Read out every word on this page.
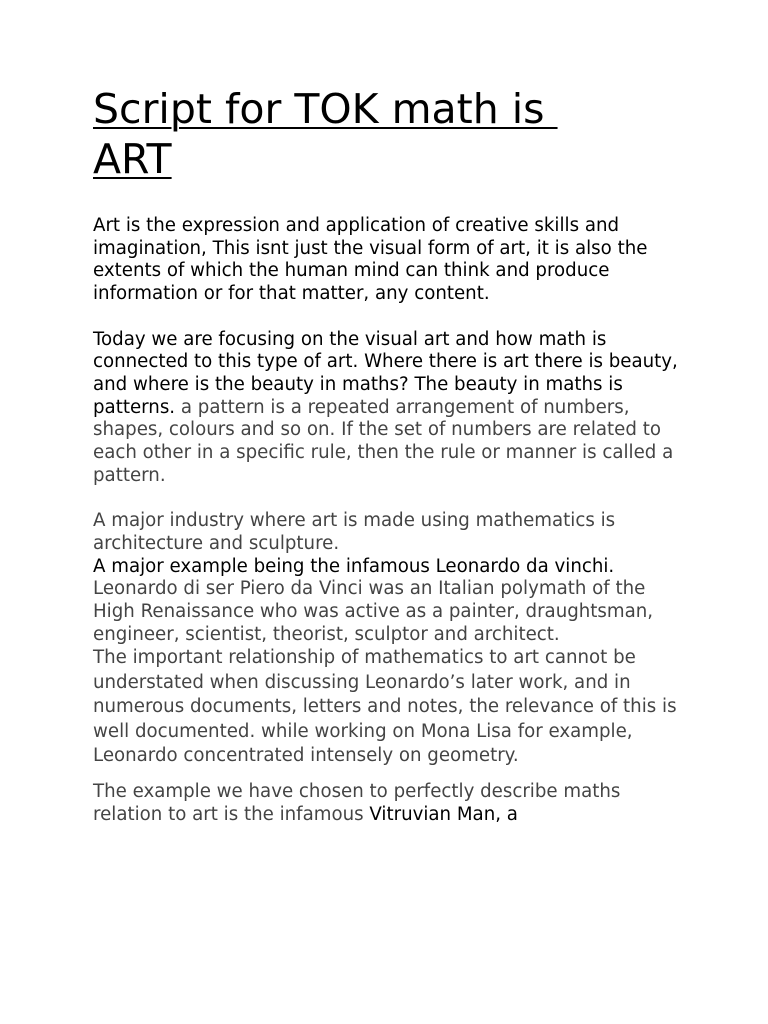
Script for TOK math is
ART

Art is the expression and application of creative skills and imagination, This isnt just the visual form of art, it is also the extents of which the human mind can think and produce information or for that matter, any content.

Today we are focusing on the visual art and how math is connected to this type of art. Where there is art there is beauty, and where is the beauty in maths? The beauty in maths is patterns. a pattern is a repeated arrangement of numbers, shapes, colours and so on. If the set of numbers are related to each other in a specific rule, then the rule or manner is called a pattern.

A major industry where art is made using mathematics is architecture and sculpture.

A major example being the infamous Leonardo da vinchi. Leonardo di ser Piero da Vinci was an Italian polymath of the High Renaissance who was active as a painter, draughtsman, engineer, scientist, theorist, sculptor and architect.

The important relationship of mathematics to art cannot be understated when discussing Leonardo’s later work, and in numerous documents, letters and notes, the relevance of this is well documented. while working on Mona Lisa for example, Leonardo concentrated intensely on geometry.

The example we have chosen to perfectly describe maths relation to art is the infamous Vitruvian Man, a
